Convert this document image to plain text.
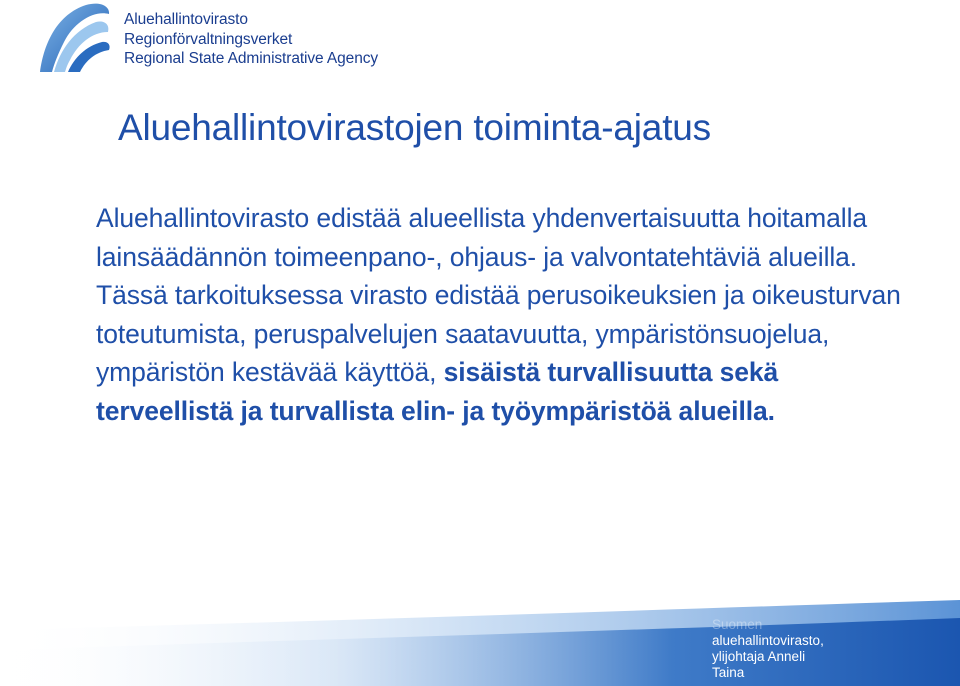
Aluehallintovirasto
Regionförvaltningsverket
Regional State Administrative Agency
Aluehallintovirastojen toiminta-ajatus

Aluehallintovirasto edistää alueellista yhdenvertaisuutta hoitamalla lainsäädännön toimeenpano-, ohjaus- ja valvontatehtäviä alueilla.  Tässä tarkoituksessa virasto edistää perusoikeuksien ja oikeusturvan toteutumista, peruspalvelujen saatavuutta, ympäristönsuojelua, ympäristön kestävää käyttöä, sisäistä turvallisuutta sekä terveellistä ja turvallista elin- ja työympäristöä alueilla.

Suomen
aluehallintovirasto,
ylijohtaja Anneli
Taina
